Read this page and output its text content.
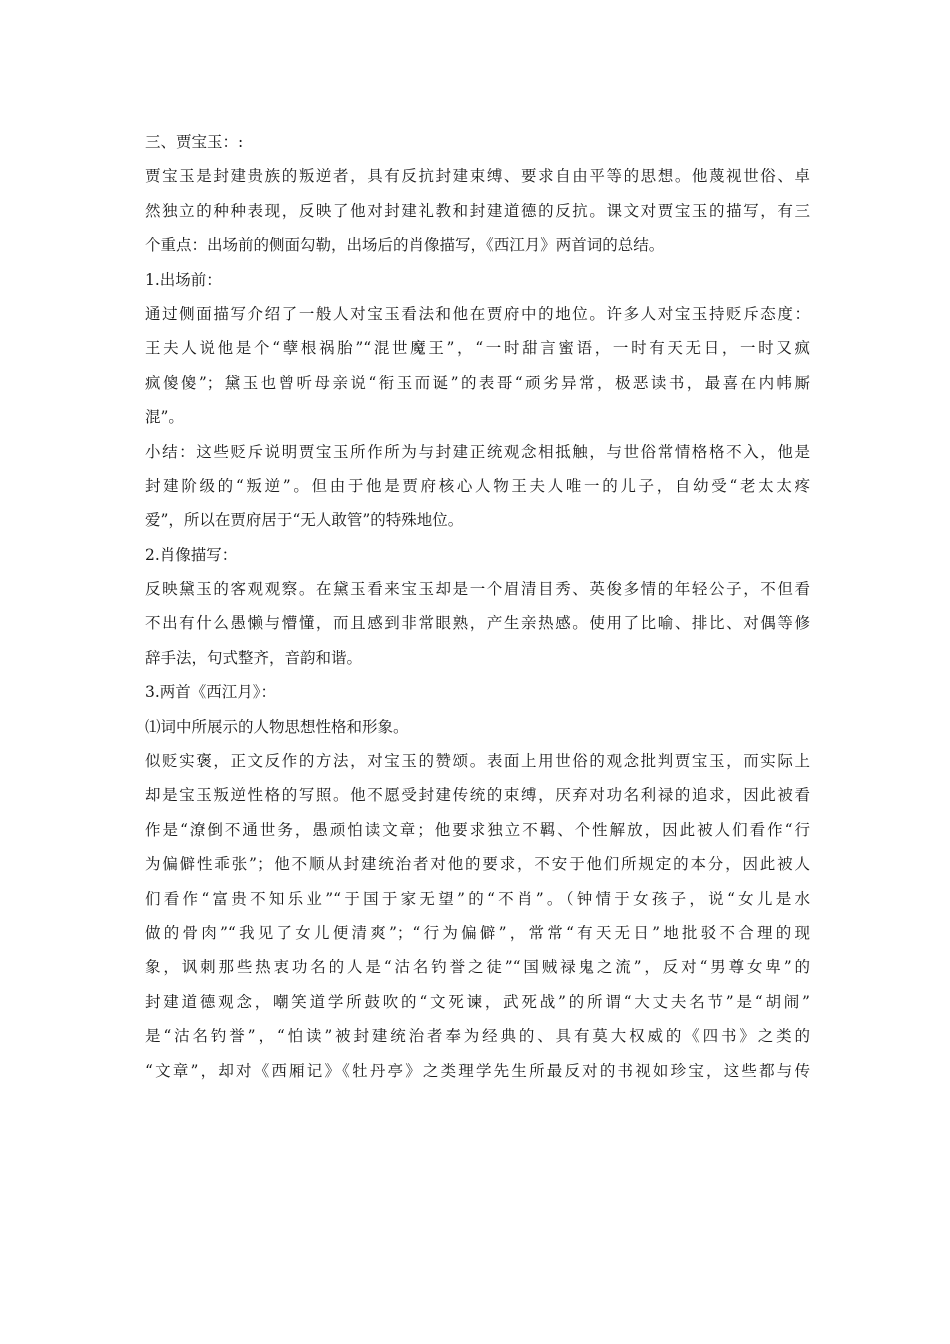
三、贾宝玉：:
贾宝玉是封建贵族的叛逆者，具有反抗封建束缚、要求自由平等的思想。他蔑视世俗、卓
然独立的种种表现，反映了他对封建礼教和封建道德的反抗。课文对贾宝玉的描写，有三
个重点：出场前的侧面勾勒，出场后的肖像描写，《西江月》两首词的总结。
1.出场前：
通过侧面描写介绍了一般人对宝玉看法和他在贾府中的地位。许多人对宝玉持贬斥态度：
王夫人说他是个“孽根祸胎”“混世魔王”，“一时甜言蜜语，一时有天无日，一时又疯
疯傻傻”；黛玉也曾听母亲说“衔玉而诞”的表哥“顽劣异常，极恶读书，最喜在内帏厮
混”。
小结：这些贬斥说明贾宝玉所作所为与封建正统观念相抵触，与世俗常情格格不入，他是
封建阶级的“叛逆”。但由于他是贾府核心人物王夫人唯一的儿子，自幼受“老太太疼
爱”，所以在贾府居于“无人敢管”的特殊地位。
2.肖像描写：
反映黛玉的客观观察。在黛玉看来宝玉却是一个眉清目秀、英俊多情的年轻公子，不但看
不出有什么愚懒与懵懂，而且感到非常眼熟，产生亲热感。使用了比喻、排比、对偶等修
辞手法，句式整齐，音韵和谐。
3.两首《西江月》：
⑴词中所展示的人物思想性格和形象。
似贬实褒，正文反作的方法，对宝玉的赞颂。表面上用世俗的观念批判贾宝玉，而实际上
却是宝玉叛逆性格的写照。他不愿受封建传统的束缚，厌弃对功名利禄的追求，因此被看
作是“潦倒不通世务，愚顽怕读文章；他要求独立不羁、个性解放，因此被人们看作“行
为偏僻性乖张”；他不顺从封建统治者对他的要求，不安于他们所规定的本分，因此被人
们看作“富贵不知乐业”“于国于家无望”的“不肖”。（钟情于女孩子，说“女儿是水
做的骨肉”“我见了女儿便清爽”；“行为偏僻”，常常“有天无日”地批驳不合理的现
象，讽刺那些热衷功名的人是“沽名钓誉之徒”“国贼禄鬼之流”，反对“男尊女卑”的
封建道德观念，嘲笑道学所鼓吹的“文死谏，武死战”的所谓“大丈夫名节”是“胡闹”
是“沽名钓誉”，“怕读”被封建统治者奉为经典的、具有莫大权威的《四书》之类的
“文章”，却对《西厢记》《牡丹亭》之类理学先生所最反对的书视如珍宝，这些都与传
